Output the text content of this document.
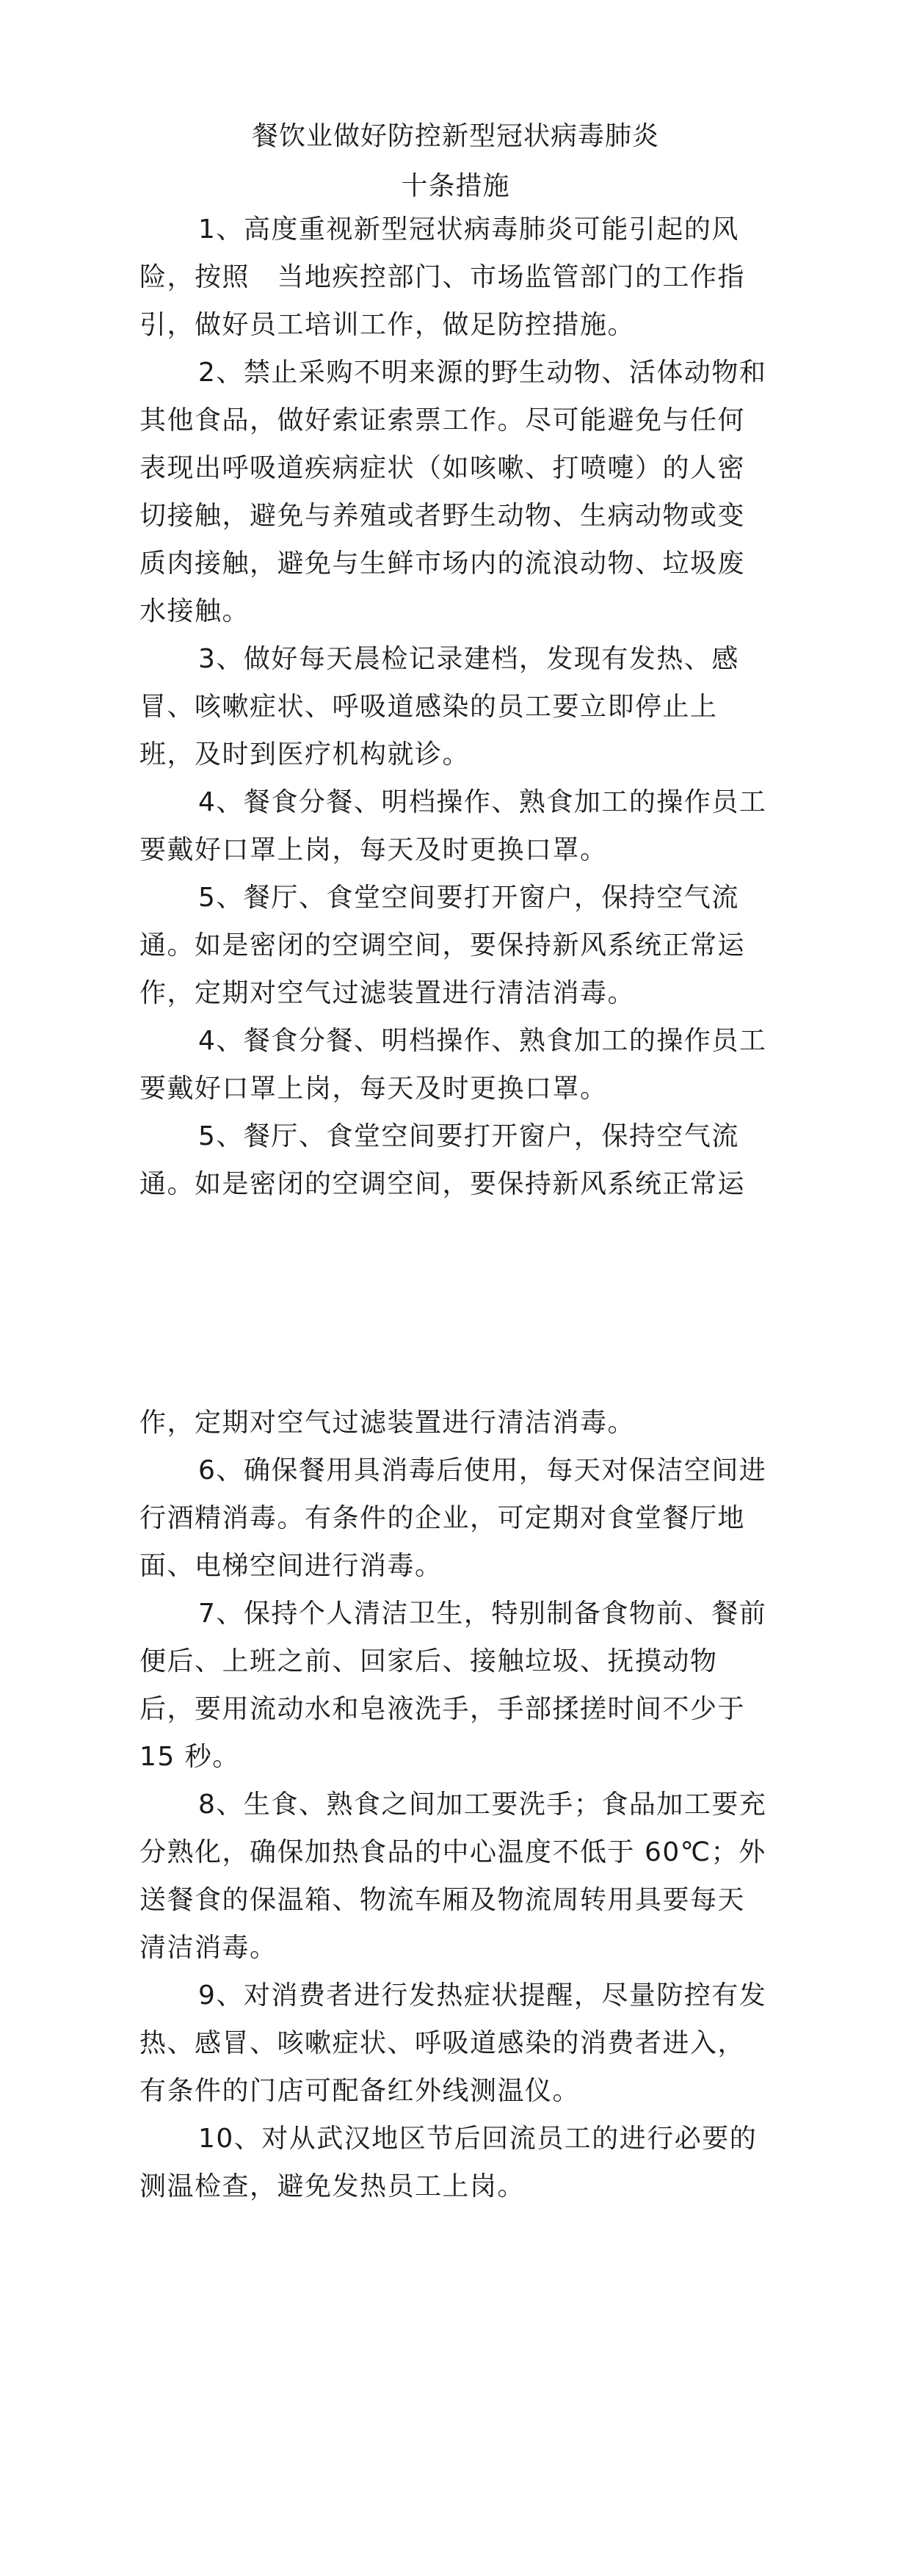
餐饮业做好防控新型冠状病毒肺炎
十条措施

1、高度重视新型冠状病毒肺炎可能引起的风险，按照　当地疾控部门、市场监管部门的工作指引，做好员工培训工作，做足防控措施。

2、禁止采购不明来源的野生动物、活体动物和其他食品，做好索证索票工作。尽可能避免与任何表现出呼吸道疾病症状（如咳嗽、打喷嚏）的人密切接触，避免与养殖或者野生动物、生病动物或变质肉接触，避免与生鲜市场内的流浪动物、垃圾废水接触。

3、做好每天晨检记录建档，发现有发热、感冒、咳嗽症状、呼吸道感染的员工要立即停止上班，及时到医疗机构就诊。

4、餐食分餐、明档操作、熟食加工的操作员工要戴好口罩上岗，每天及时更换口罩。

5、餐厅、食堂空间要打开窗户，保持空气流通。如是密闭的空调空间，要保持新风系统正常运作，定期对空气过滤装置进行清洁消毒。

4、餐食分餐、明档操作、熟食加工的操作员工要戴好口罩上岗，每天及时更换口罩。

5、餐厅、食堂空间要打开窗户，保持空气流通。如是密闭的空调空间，要保持新风系统正常运

作，定期对空气过滤装置进行清洁消毒。

6、确保餐用具消毒后使用，每天对保洁空间进行酒精消毒。有条件的企业，可定期对食堂餐厅地面、电梯空间进行消毒。

7、保持个人清洁卫生，特别制备食物前、餐前便后、上班之前、回家后、接触垃圾、抚摸动物后，要用流动水和皂液洗手，手部揉搓时间不少于 15 秒。

8、生食、熟食之间加工要洗手；食品加工要充分熟化，确保加热食品的中心温度不低于 60℃；外送餐食的保温箱、物流车厢及物流周转用具要每天清洁消毒。

9、对消费者进行发热症状提醒，尽量防控有发热、感冒、咳嗽症状、呼吸道感染的消费者进入，有条件的门店可配备红外线测温仪。

10、对从武汉地区节后回流员工的进行必要的测温检查，避免发热员工上岗。
